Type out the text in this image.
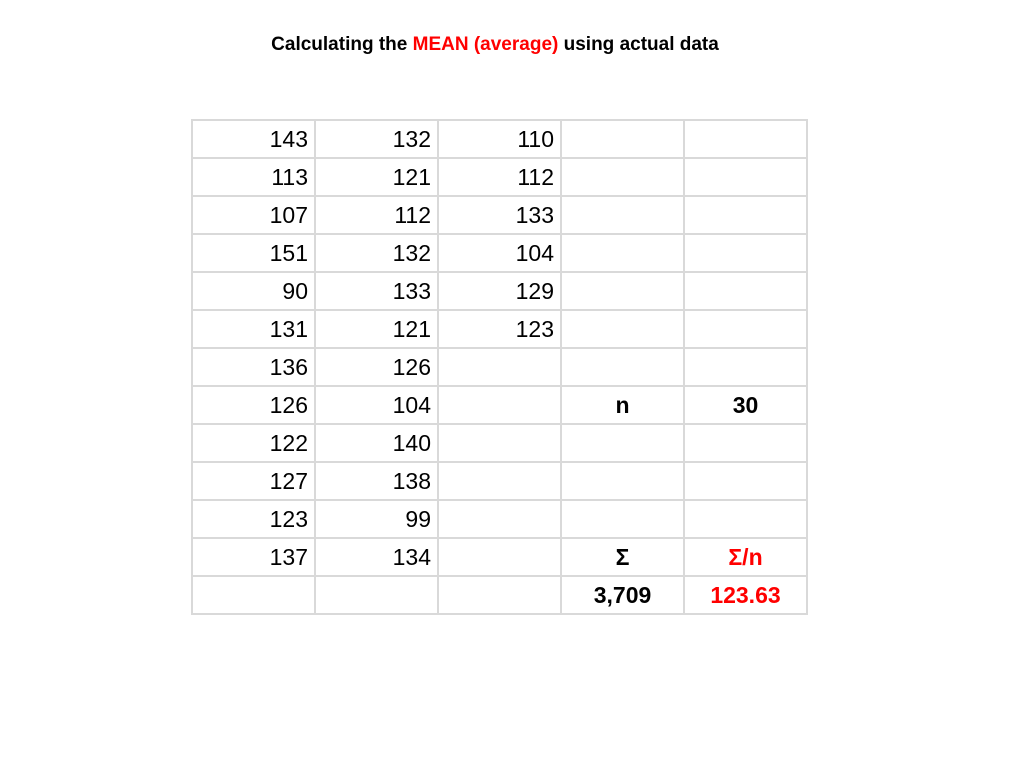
Calculating the MEAN (average) using actual data
143	132	110		
113	121	112		
107	112	133		
151	132	104		
90	133	129		
131	121	123		
136	126			
126	104		n	30
122	140			
127	138			
123	99			
137	134		Σ	Σ/n
			3,709	123.63
